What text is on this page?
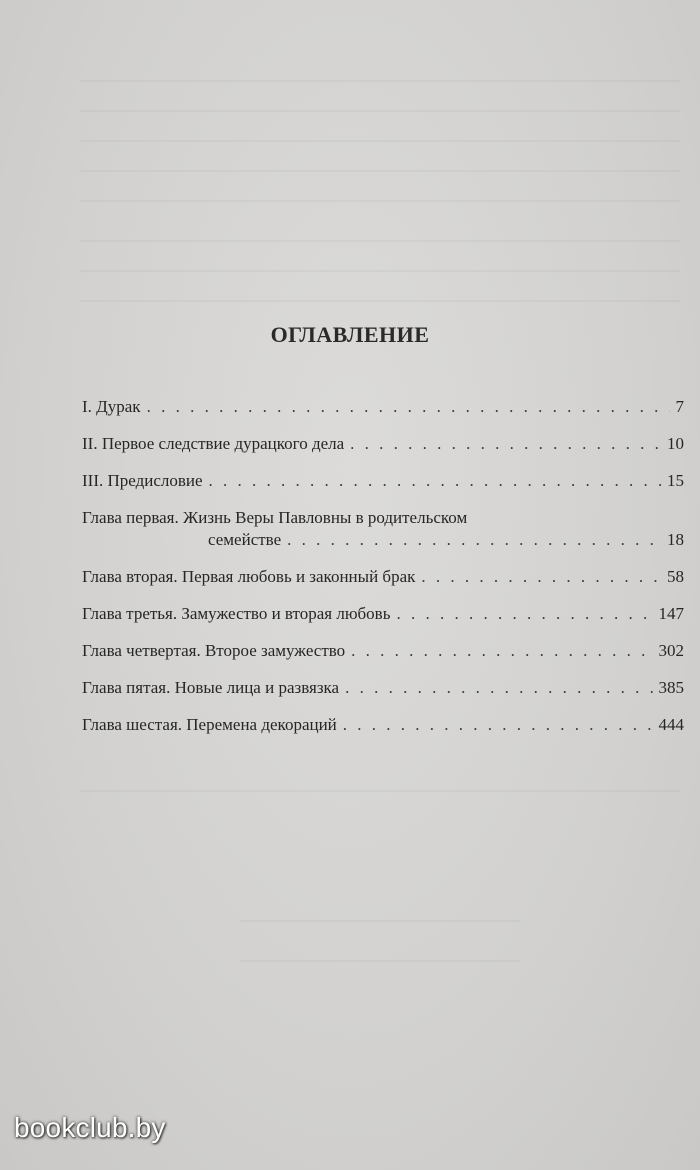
ОГЛАВЛЕНИЕ
I. Дурак . . .	7
II. Первое следствие дурацкого дела . . .	10
III. Предисловие . . .	15
Глава первая. Жизнь Веры Павловны в родительском
семействе . . .	18
Глава вторая. Первая любовь и законный брак . . .	58
Глава третья. Замужество и вторая любовь . . .	147
Глава четвертая. Второе замужество . . .	302
Глава пятая. Новые лица и развязка . . .	385
Глава шестая. Перемена декораций . . .	444
bookclub.by
